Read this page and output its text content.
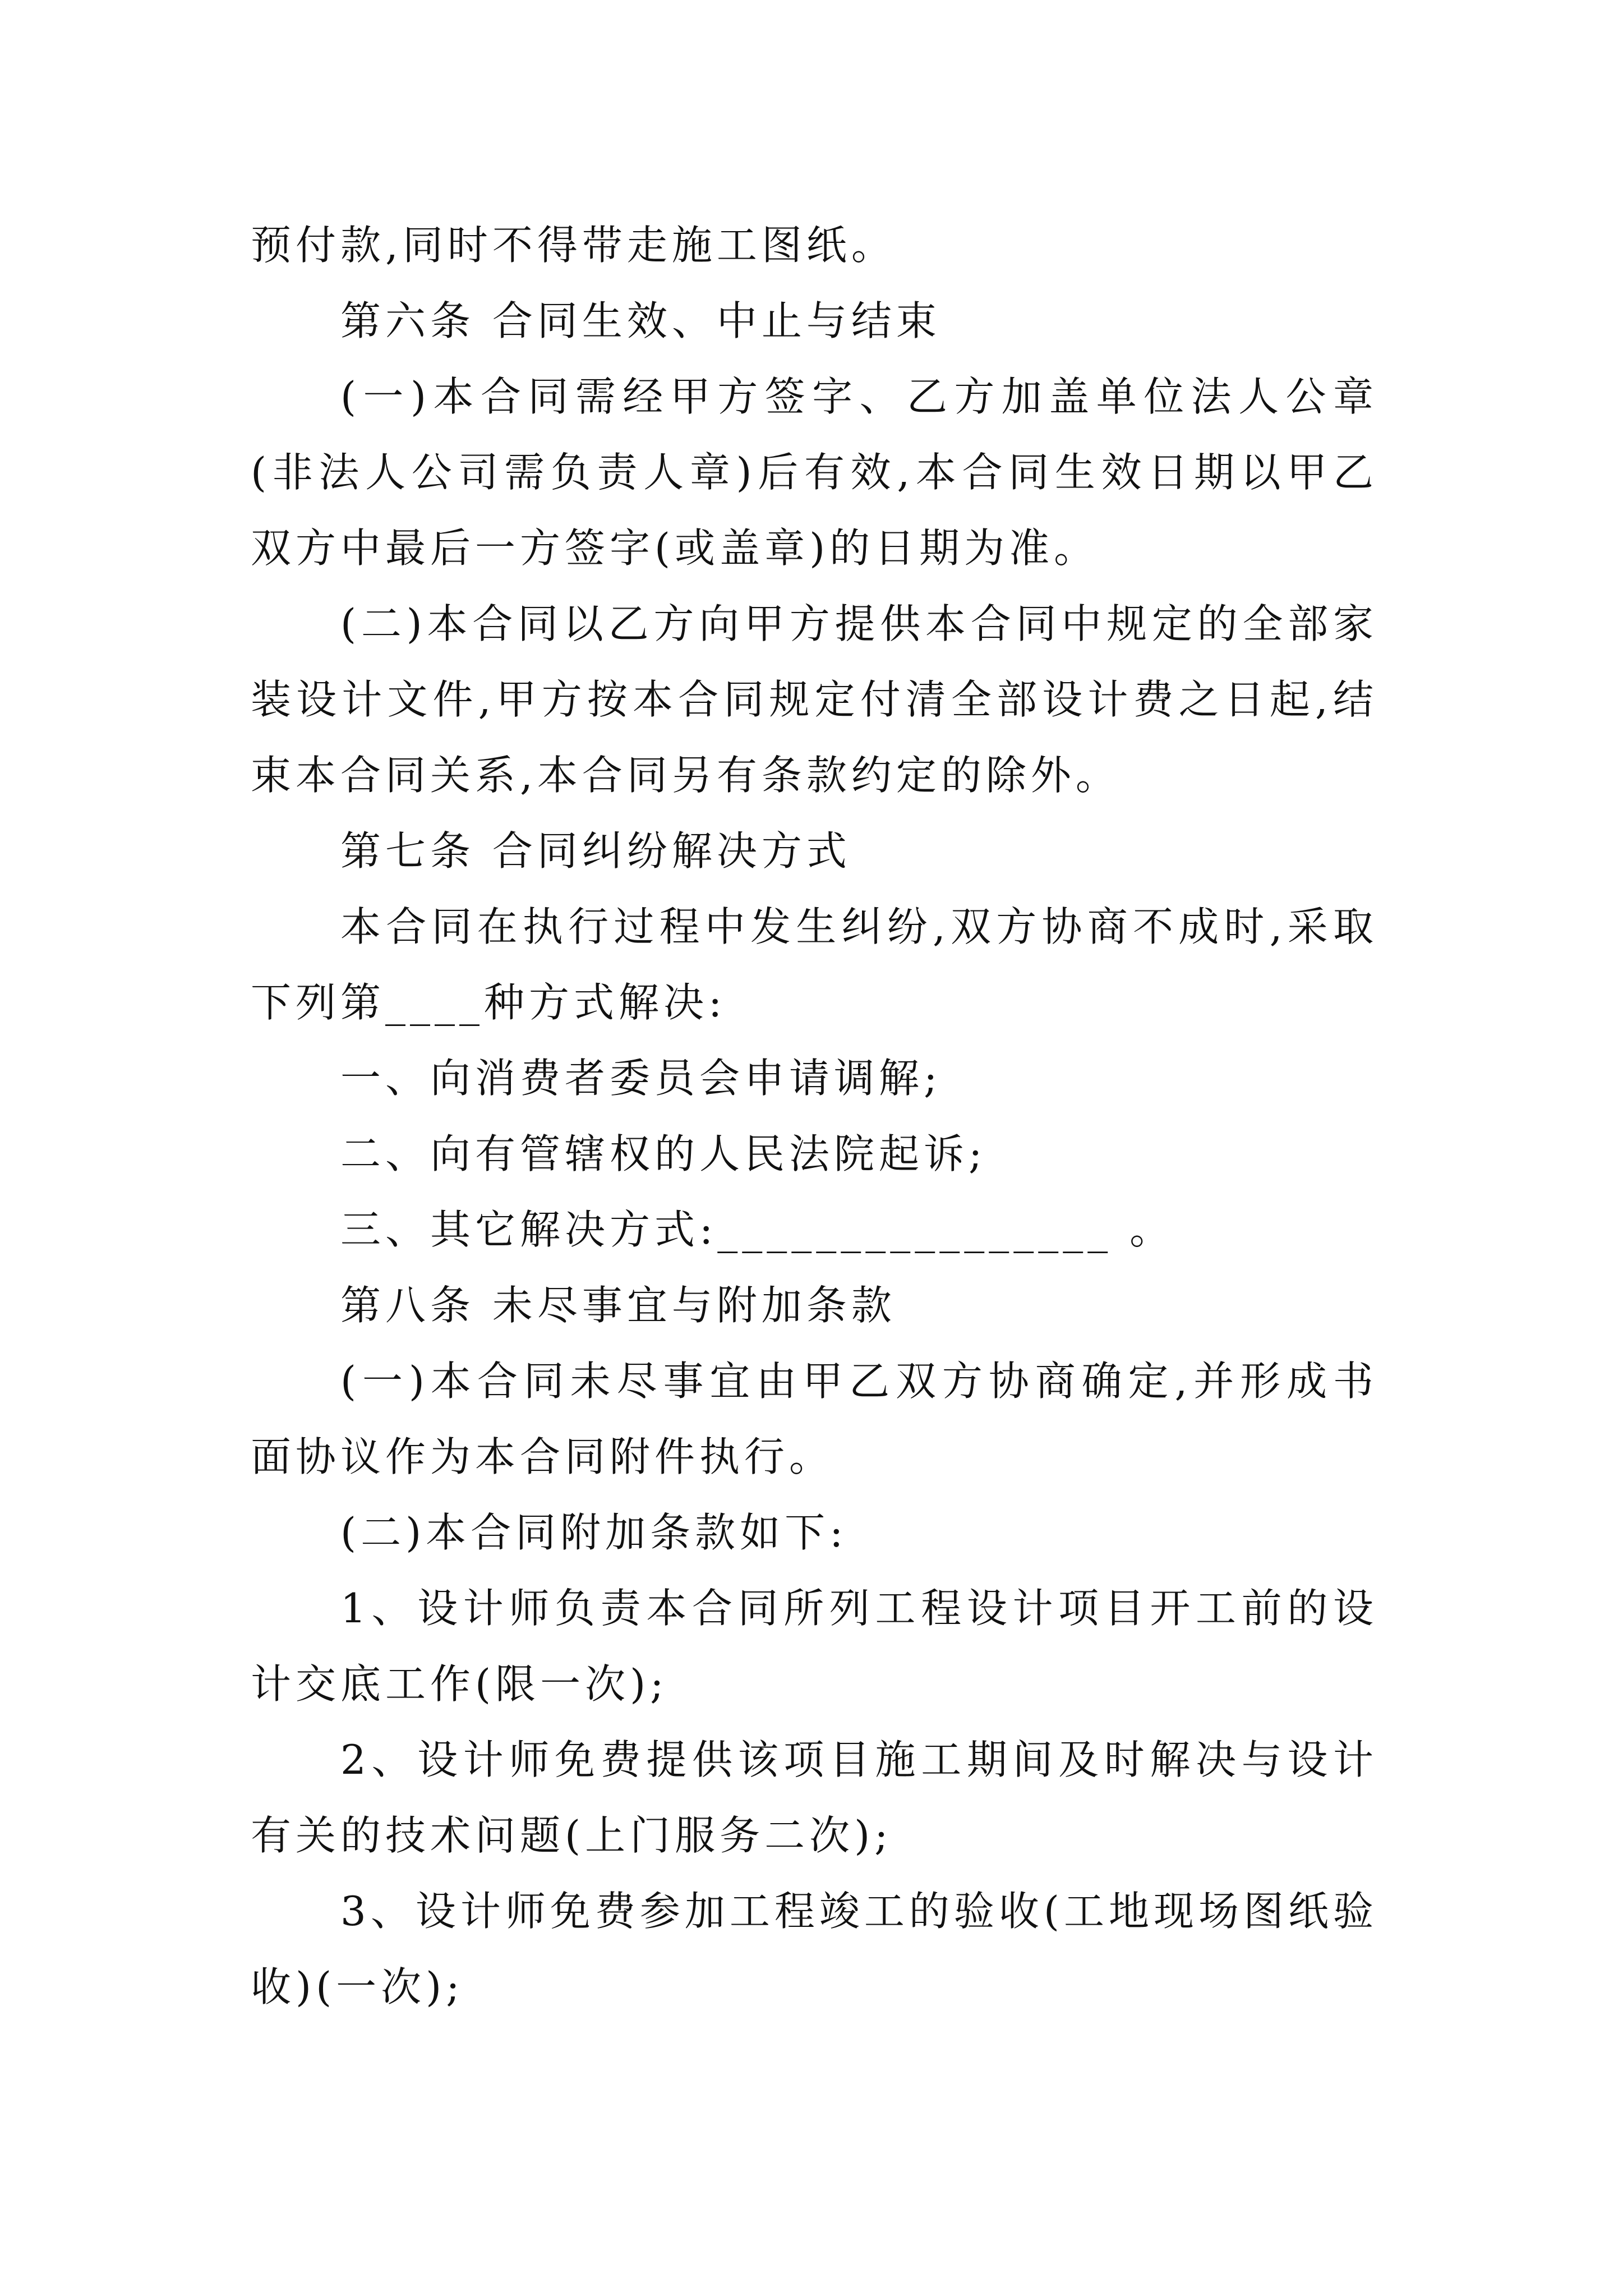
预付款,同时不得带走施工图纸。

第六条 合同生效、中止与结束

(一)本合同需经甲方签字、乙方加盖单位法人公章(非法人公司需负责人章)后有效,本合同生效日期以甲乙双方中最后一方签字(或盖章)的日期为准。

(二)本合同以乙方向甲方提供本合同中规定的全部家装设计文件,甲方按本合同规定付清全部设计费之日起,结束本合同关系,本合同另有条款约定的除外。

第七条 合同纠纷解决方式

本合同在执行过程中发生纠纷,双方协商不成时,采取下列第____种方式解决:

一、向消费者委员会申请调解;

二、向有管辖权的人民法院起诉;

三、其它解决方式:________________ 。

第八条 未尽事宜与附加条款

(一)本合同未尽事宜由甲乙双方协商确定,并形成书面协议作为本合同附件执行。

(二)本合同附加条款如下:

1、设计师负责本合同所列工程设计项目开工前的设计交底工作(限一次);

2、设计师免费提供该项目施工期间及时解决与设计有关的技术问题(上门服务二次);

3、设计师免费参加工程竣工的验收(工地现场图纸验收)(一次);
